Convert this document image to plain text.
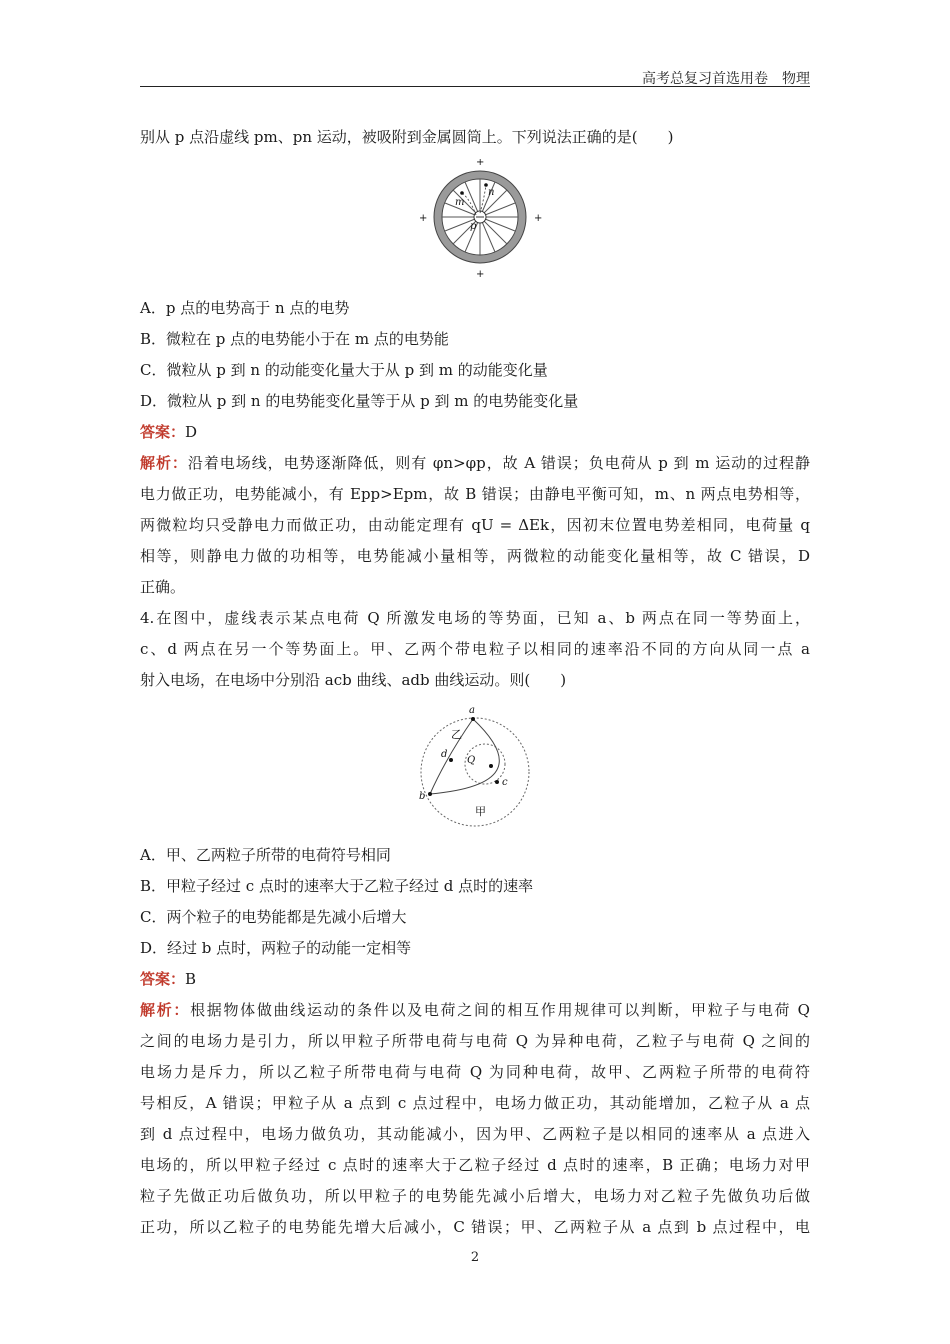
高考总复习首选用卷　物理
别从 p 点沿虚线 pm、pn 运动，被吸附到金属圆筒上。下列说法正确的是(　　)
n
m
p
+
+
+	+
A．p 点的电势高于 n 点的电势
B．微粒在 p 点的电势能小于在 m 点的电势能
C．微粒从 p 到 n 的动能变化量大于从 p 到 m 的动能变化量
D．微粒从 p 到 n 的电势能变化量等于从 p 到 m 的电势能变化量
答案：D
解析：沿着电场线，电势逐渐降低，则有 φn>φp，故 A 错误；负电荷从 p 到 m 运动的过程静
电力做正功，电势能减小，有 Epp>Epm，故 B 错误；由静电平衡可知，m、n 两点电势相等，
两微粒均只受静电力而做正功，由动能定理有 qU = ΔEk，因初末位置电势差相同，电荷量 q
相等，则静电力做的功相等，电势能减小量相等，两微粒的动能变化量相等，故 C 错误，D
正确。
4.在图中，虚线表示某点电荷 Q 所激发电场的等势面，已知 a、b 两点在同一等势面上，
c、d 两点在另一个等势面上。甲、乙两个带电粒子以相同的速率沿不同的方向从同一点 a
射入电场，在电场中分别沿 acb 曲线、adb 曲线运动。则(　　)
a
b
c
d
Q
乙
甲
A．甲、乙两粒子所带的电荷符号相同
B．甲粒子经过 c 点时的速率大于乙粒子经过 d 点时的速率
C．两个粒子的电势能都是先减小后增大
D．经过 b 点时，两粒子的动能一定相等
答案：B
解析：根据物体做曲线运动的条件以及电荷之间的相互作用规律可以判断，甲粒子与电荷 Q
之间的电场力是引力，所以甲粒子所带电荷与电荷 Q 为异种电荷，乙粒子与电荷 Q 之间的
电场力是斥力，所以乙粒子所带电荷与电荷 Q 为同种电荷，故甲、乙两粒子所带的电荷符
号相反，A 错误；甲粒子从 a 点到 c 点过程中，电场力做正功，其动能增加，乙粒子从 a 点
到 d 点过程中，电场力做负功，其动能减小，因为甲、乙两粒子是以相同的速率从 a 点进入
电场的，所以甲粒子经过 c 点时的速率大于乙粒子经过 d 点时的速率，B 正确；电场力对甲
粒子先做正功后做负功，所以甲粒子的电势能先减小后增大，电场力对乙粒子先做负功后做
正功，所以乙粒子的电势能先增大后减小，C 错误；甲、乙两粒子从 a 点到 b 点过程中，电
2
